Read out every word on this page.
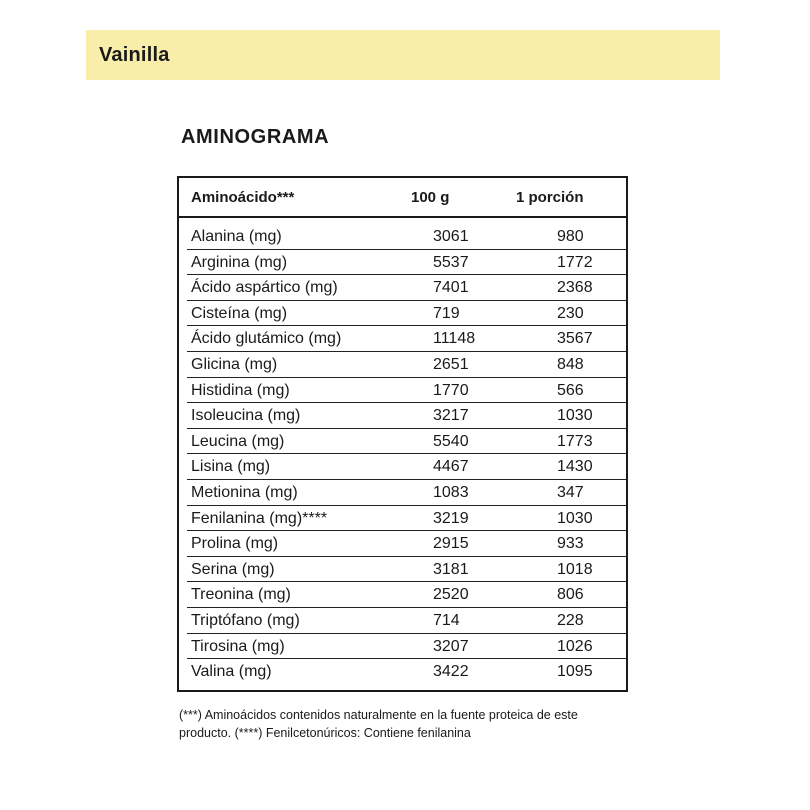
Vainilla
AMINOGRAMA
Aminoácido***	100 g	1 porción
Alanina (mg)	3061	980
Arginina (mg)	5537	1772
Ácido aspártico (mg)	7401	2368
Cisteína (mg)	719	230
Ácido glutámico (mg)	11148	3567
Glicina (mg)	2651	848
Histidina (mg)	1770	566
Isoleucina (mg)	3217	1030
Leucina (mg)	5540	1773
Lisina (mg)	4467	1430
Metionina (mg)	1083	347
Fenilanina (mg)****	3219	1030
Prolina (mg)	2915	933
Serina (mg)	3181	1018
Treonina (mg)	2520	806
Triptófano (mg)	714	228
Tirosina (mg)	3207	1026
Valina (mg)	3422	1095
(***) Aminoácidos contenidos naturalmente en la fuente proteica de este producto. (****) Fenilcetonúricos: Contiene fenilanina
